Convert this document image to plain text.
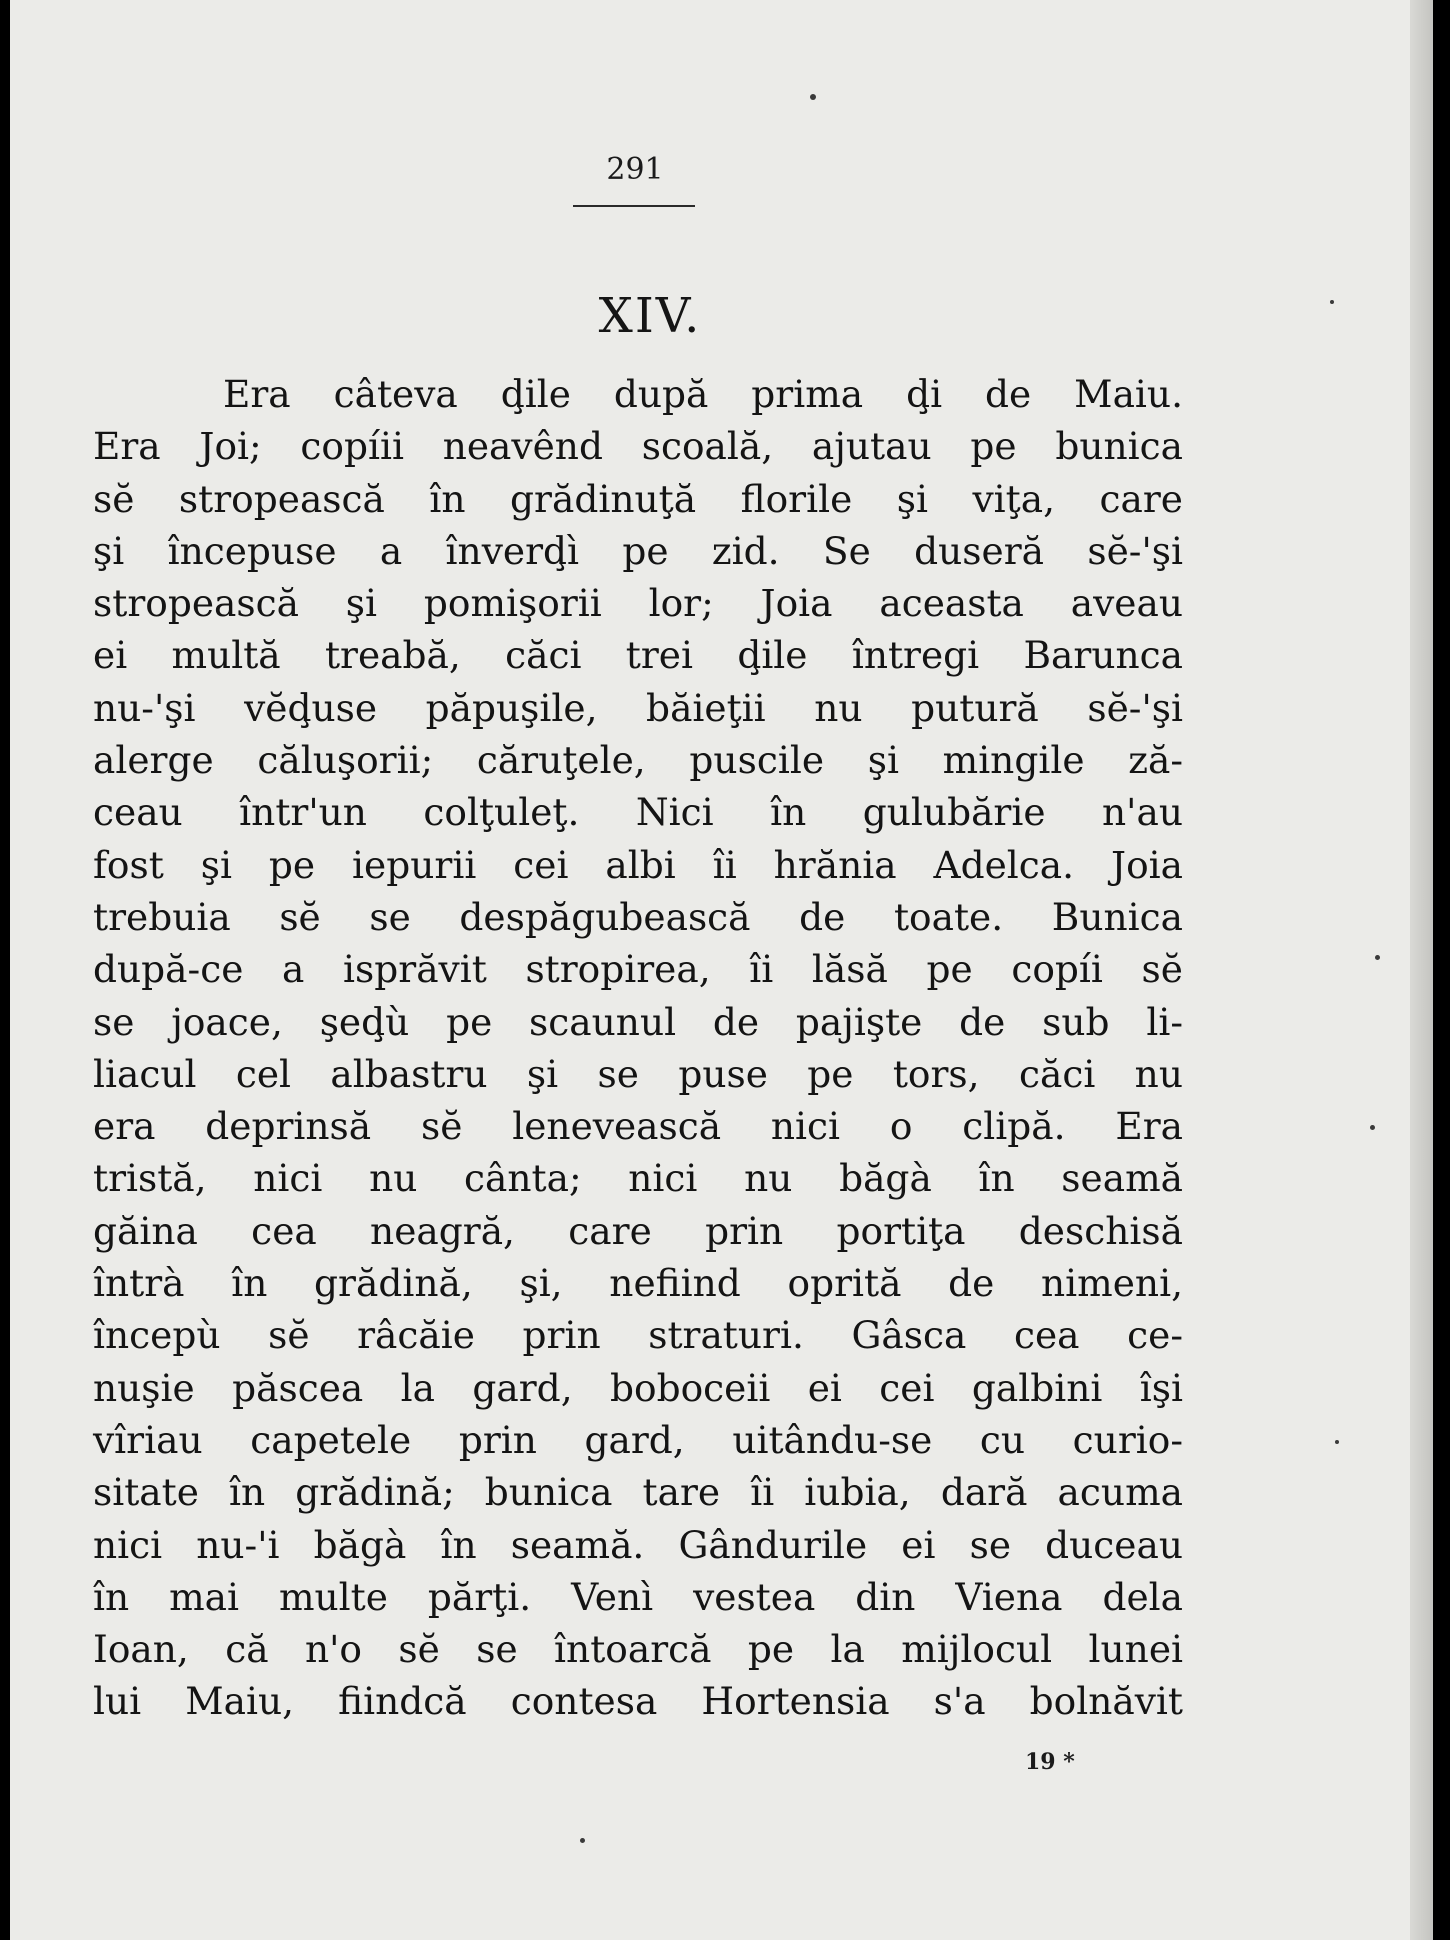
291
XIV.
Era câteva ḑile după prima ḑi de Maiu.
Era Joi; copíii neavênd scoală, ajutau pe bunica
sĕ stropească în grădinuţă florile şi viţa, care
şi începuse a înverḑì pe zid. Se duseră sĕ-'şi
stropească şi pomişorii lor; Joia aceasta aveau
ei multă treabă, căci trei ḑile întregi Barunca
nu-'şi vĕḑuse păpuşile, băieţii nu putură sĕ-'şi
alerge căluşorii; căruţele, puscile şi mingile ză-
ceau într'un colţuleţ. Nici în gulubărie n'au
fost şi pe iepurii cei albi îi hrănia Adelca. Joia
trebuia sĕ se despăgubească de toate. Bunica
după-ce a isprăvit stropirea, îi lăsă pe copíi sĕ
se joace, şeḑù pe scaunul de pajişte de sub li-
liacul cel albastru şi se puse pe tors, căci nu
era deprinsă sĕ lenevească nici o clipă. Era
tristă, nici nu cânta; nici nu băgà în seamă
găina cea neagră, care prin portiţa deschisă
întrà în grădină, şi, nefiind oprită de nimeni,
începù sĕ râcăie prin straturi. Gâsca cea ce-
nuşie păscea la gard, boboceii ei cei galbini îşi
vîriau capetele prin gard, uitându-se cu curio-
sitate în grădină; bunica tare îi iubia, dară acuma
nici nu-'i băgà în seamă. Gândurile ei se duceau
în mai multe părţi. Venì vestea din Viena dela
Ioan, că n'o sĕ se întoarcă pe la mijlocul lunei
lui Maiu, fiindcă contesa Hortensia s'a bolnăvit
19 *
